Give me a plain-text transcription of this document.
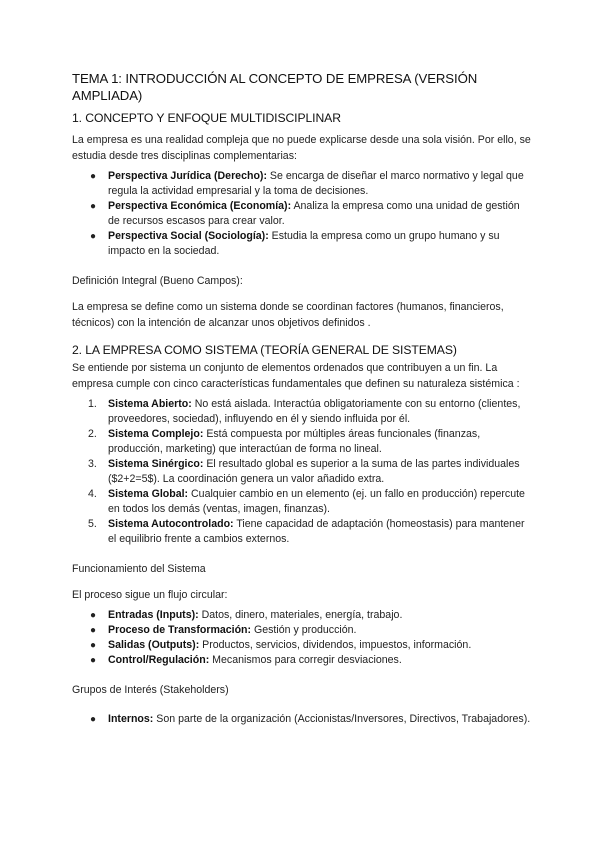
TEMA 1: INTRODUCCIÓN AL CONCEPTO DE EMPRESA (VERSIÓN AMPLIADA)
1. CONCEPTO Y ENFOQUE MULTIDISCIPLINAR

La empresa es una realidad compleja que no puede explicarse desde una sola visión. Por ello, se estudia desde tres disciplinas complementarias:

● Perspectiva Jurídica (Derecho): Se encarga de diseñar el marco normativo y legal que regula la actividad empresarial y la toma de decisiones.
● Perspectiva Económica (Economía): Analiza la empresa como una unidad de gestión de recursos escasos para crear valor.
● Perspectiva Social (Sociología): Estudia la empresa como un grupo humano y su impacto en la sociedad.

Definición Integral (Bueno Campos):

La empresa se define como un sistema donde se coordinan factores (humanos, financieros, técnicos) con la intención de alcanzar unos objetivos definidos .

2. LA EMPRESA COMO SISTEMA (TEORÍA GENERAL DE SISTEMAS)

Se entiende por sistema un conjunto de elementos ordenados que contribuyen a un fin. La empresa cumple con cinco características fundamentales que definen su naturaleza sistémica :

1. Sistema Abierto: No está aislada. Interactúa obligatoriamente con su entorno (clientes, proveedores, sociedad), influyendo en él y siendo influida por él.
2. Sistema Complejo: Está compuesta por múltiples áreas funcionales (finanzas, producción, marketing) que interactúan de forma no lineal.
3. Sistema Sinérgico: El resultado global es superior a la suma de las partes individuales ($2+2=5$). La coordinación genera un valor añadido extra.
4. Sistema Global: Cualquier cambio en un elemento (ej. un fallo en producción) repercute en todos los demás (ventas, imagen, finanzas).
5. Sistema Autocontrolado: Tiene capacidad de adaptación (homeostasis) para mantener el equilibrio frente a cambios externos.

Funcionamiento del Sistema

El proceso sigue un flujo circular:

● Entradas (Inputs): Datos, dinero, materiales, energía, trabajo.
● Proceso de Transformación: Gestión y producción.
● Salidas (Outputs): Productos, servicios, dividendos, impuestos, información.
● Control/Regulación: Mecanismos para corregir desviaciones.

Grupos de Interés (Stakeholders)

● Internos: Son parte de la organización (Accionistas/Inversores, Directivos, Trabajadores).
